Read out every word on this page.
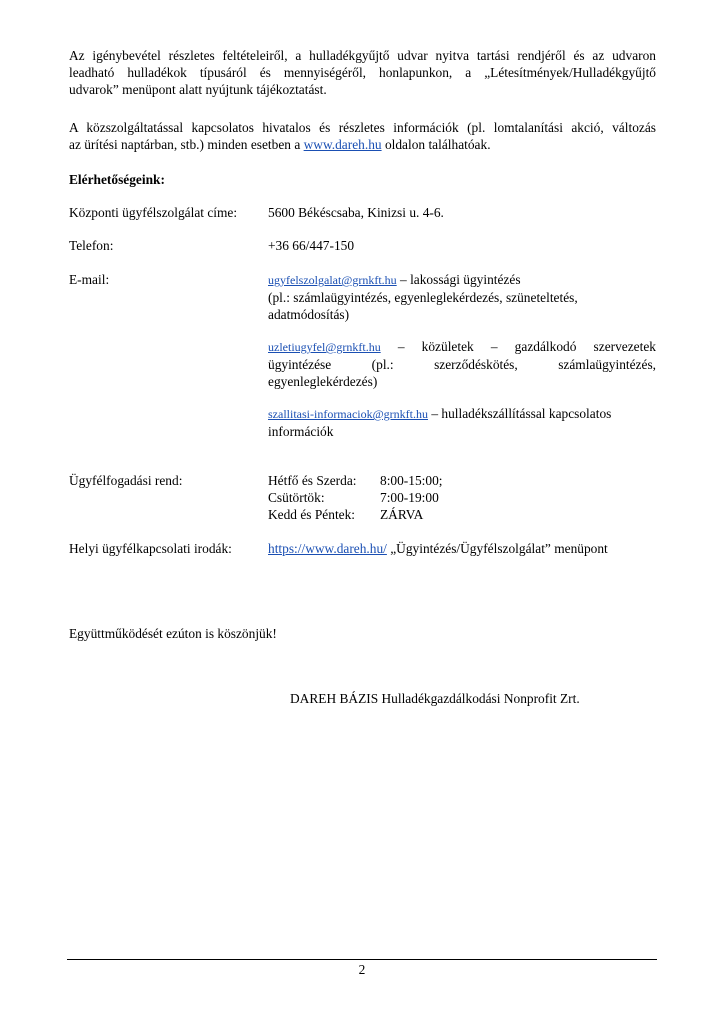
Az igénybevétel részletes feltételeiről, a hulladékgyűjtő udvar nyitva tartási rendjéről és az udvaron
leadható hulladékok típusáról és mennyiségéről, honlapunkon, a „Létesítmények/Hulladékgyűjtő
udvarok” menüpont alatt nyújtunk tájékoztatást.

A közszolgáltatással kapcsolatos hivatalos és részletes információk (pl. lomtalanítási akció, változás
az ürítési naptárban, stb.) minden esetben a www.dareh.hu oldalon találhatóak.

Elérhetőségeink:
Központi ügyfélszolgálat címe: 5600 Békéscsaba, Kinizsi u. 4-6.
Telefon:	+36 66/447-150
E-mail:	ugyfelszolgalat@grnkft.hu – lakossági ügyintézés
(pl.: számlaügyintézés, egyenleglekérdezés, szüneteltetés,
adatmódosítás)
uzletiugyfel@grnkft.hu – közületek – gazdálkodó szervezetek
ügyintézése (pl.: szerződéskötés, számlaügyintézés,
egyenleglekérdezés)
szallitasi-informaciok@grnkft.hu – hulladékszállítással kapcsolatos
információk
Ügyfélfogadási rend:	Hétfő és Szerda: 8:00-15:00;
Csütörtök:	7:00-19:00
Kedd és Péntek: ZÁRVA
Helyi ügyfélkapcsolati irodák:	https://www.dareh.hu/ „Ügyintézés/Ügyfélszolgálat” menüpont
Együttműködését ezúton is köszönjük!
DAREH BÁZIS Hulladékgazdálkodási Nonprofit Zrt.
2
